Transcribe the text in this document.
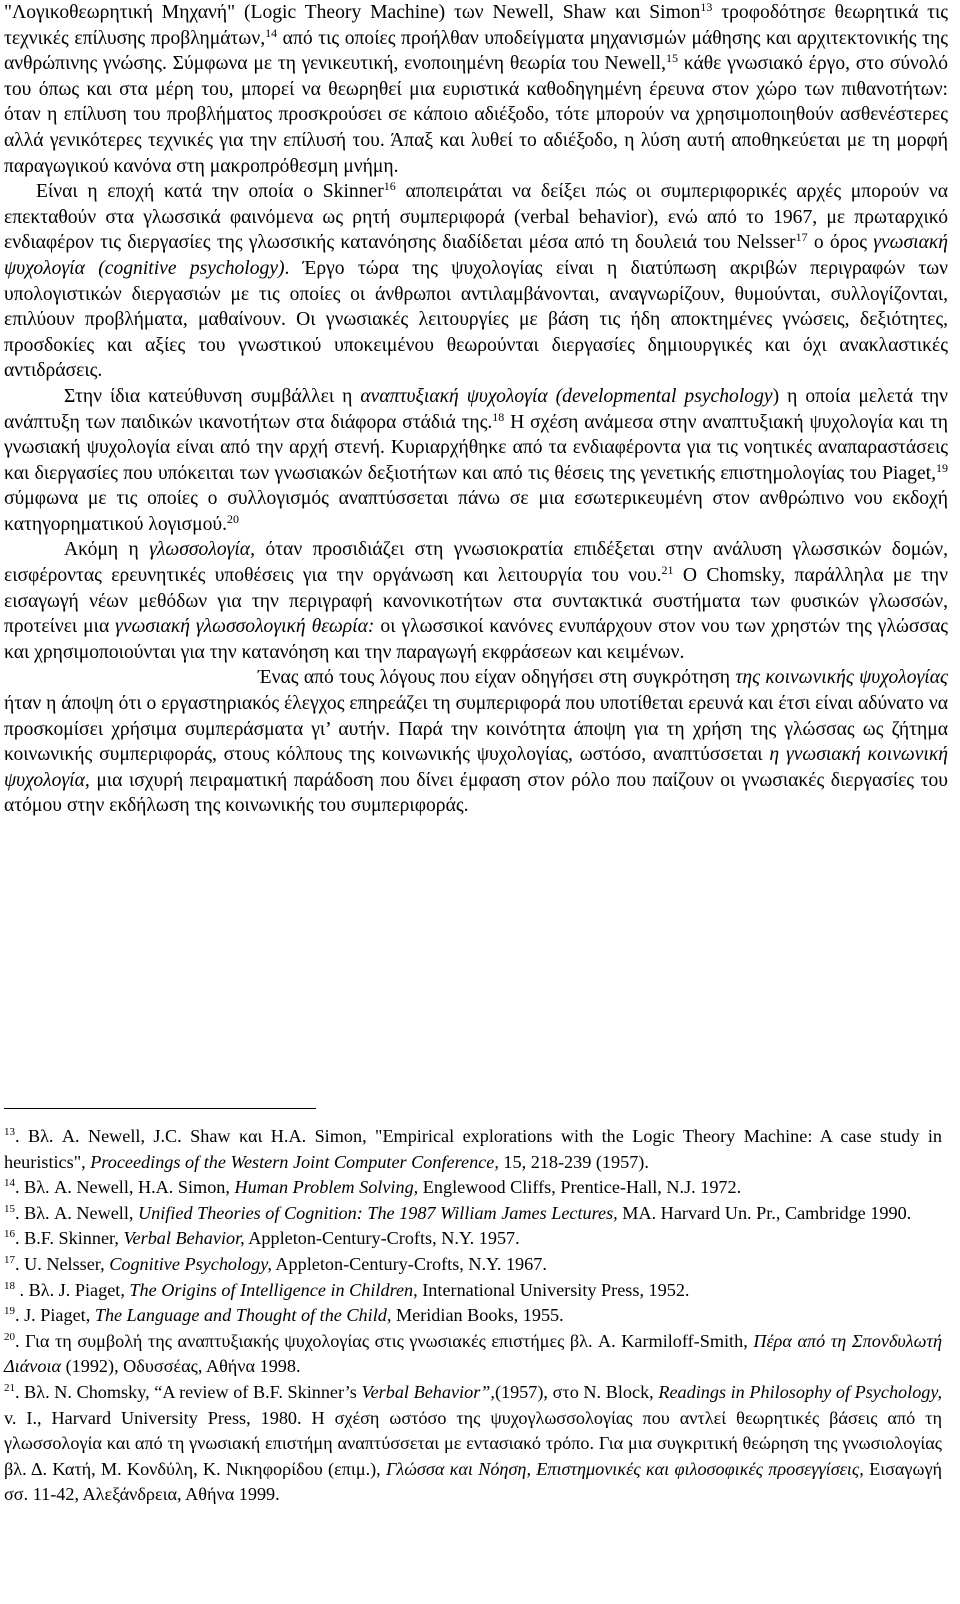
"Λογικοθεωρητική Μηχανή" (Logic Theory Machine) των Newell, Shaw και Simon$^{13}$ τροφοδότησε θεωρητικά τις τεχνικές επίλυσης προβλημάτων,$^{14}$ από τις οποίες προήλθαν υποδείγματα μηχανισμών μάθησης και αρχιτεκτονικής της ανθρώπινης γνώσης. Σύμφωνα με τη γενικευτική, ενοποιημένη θεωρία του Newell,$^{15}$ κάθε γνωσιακό έργο, στο σύνολό του όπως και στα μέρη του, μπορεί να θεωρηθεί μια ευριστικά καθοδηγημένη έρευνα στον χώρο των πιθανοτήτων: όταν η επίλυση του προβλήματος προσκρούσει σε κάποιο αδιέξοδο, τότε μπορούν να χρησιμοποιηθούν ασθενέστερες αλλά γενικότερες τεχνικές για την επίλυσή του. Άπαξ και λυθεί το αδιέξοδο, η λύση αυτή αποθηκεύεται με τη μορφή παραγωγικού κανόνα στη μακροπρόθεσμη μνήμη.

Είναι η εποχή κατά την οποία ο Skinner$^{16}$ αποπειράται να δείξει πώς οι συμπεριφορικές αρχές μπορούν να επεκταθούν στα γλωσσικά φαινόμενα ως ρητή συμπεριφορά (verbal behavior), ενώ από το 1967, με πρωταρχικό ενδιαφέρον τις διεργασίες της γλωσσικής κατανόησης διαδίδεται μέσα από τη δουλειά του Nelsser$^{17}$ ο όρος γνωσιακή ψυχολογία (cognitive psychology). Έργο τώρα της ψυχολογίας είναι η διατύπωση ακριβών περιγραφών των υπολογιστικών διεργασιών με τις οποίες οι άνθρωποι αντιλαμβάνονται, αναγνωρίζουν, θυμούνται, συλλογίζονται, επιλύουν προβλήματα, μαθαίνουν. Οι γνωσιακές λειτουργίες με βάση τις ήδη αποκτημένες γνώσεις, δεξιότητες, προσδοκίες και αξίες του γνωστικού υποκειμένου θεωρούνται διεργασίες δημιουργικές και όχι ανακλαστικές αντιδράσεις.

Στην ίδια κατεύθυνση συμβάλλει η αναπτυξιακή ψυχολογία (developmental psychology) η οποία μελετά την ανάπτυξη των παιδικών ικανοτήτων στα διάφορα στάδιά της.$^{18}$ Η σχέση ανάμεσα στην αναπτυξιακή ψυχολογία και τη γνωσιακή ψυχολογία είναι από την αρχή στενή. Κυριαρχήθηκε από τα ενδιαφέροντα για τις νοητικές αναπαραστάσεις και διεργασίες που υπόκειται των γνωσιακών δεξιοτήτων και από τις θέσεις της γενετικής επιστημολογίας του Piaget,$^{19}$ σύμφωνα με τις οποίες ο συλλογισμός αναπτύσσεται πάνω σε μια εσωτερικευμένη στον ανθρώπινο νου εκδοχή κατηγορηματικού λογισμού.$^{20}$

Ακόμη η γλωσσολογία, όταν προσιδιάζει στη γνωσιοκρατία επιδέξεται στην ανάλυση γλωσσικών δομών, εισφέροντας ερευνητικές υποθέσεις για την οργάνωση και λειτουργία του νου.$^{21}$ Ο Chomsky, παράλληλα με την εισαγωγή νέων μεθόδων για την περιγραφή κανονικοτήτων στα συντακτικά συστήματα των φυσικών γλωσσών, προτείνει μια γνωσιακή γλωσσολογική θεωρία: οι γλωσσικοί κανόνες ενυπάρχουν στον νου των χρηστών της γλώσσας και χρησιμοποιούνται για την κατανόηση και την παραγωγή εκφράσεων και κειμένων.

Ένας από τους λόγους που είχαν οδηγήσει στη συγκρότηση της κοινωνικής ψυχολογίας ήταν η άποψη ότι ο εργαστηριακός έλεγχος επηρεάζει τη συμπεριφορά που υποτίθεται ερευνά και έτσι είναι αδύνατο να προσκομίσει χρήσιμα συμπεράσματα γι’ αυτήν. Παρά την κοινότητα άποψη για τη χρήση της γλώσσας ως ζήτημα κοινωνικής συμπεριφοράς, στους κόλπους της κοινωνικής ψυχολογίας, ωστόσο, αναπτύσσεται η γνωσιακή κοινωνική ψυχολογία, μια ισχυρή πειραματική παράδοση που δίνει έμφαση στον ρόλο που παίζουν οι γνωσιακές διεργασίες του ατόμου στην εκδήλωση της κοινωνικής του συμπεριφοράς.

$^{13}$. Βλ. A. Newell, J.C. Shaw και H.A. Simon, "Empirical explorations with the Logic Theory Machine: A case study in heuristics", Proceedings of the Western Joint Computer Conference, 15, 218-239 (1957).

$^{14}$. Βλ. A. Newell, H.A. Simon, Human Problem Solving, Englewood Cliffs, Prentice-Hall, N.J. 1972.

$^{15}$. Βλ. A. Newell, Unified Theories of Cognition: The 1987 William James Lectures, MA. Harvard Un. Pr., Cambridge 1990.

$^{16}$. B.F. Skinner, Verbal Behavior, Appleton-Century-Crofts, N.Y. 1957.

$^{17}$. U. Nelsser, Cognitive Psychology, Appleton-Century-Crofts, N.Y. 1967.

$^{18}$ . Βλ. J. Piaget, The Origins of Intelligence in Children, International University Press, 1952.

$^{19}$. J. Piaget, The Language and Thought of the Child, Meridian Books, 1955.

$^{20}$. Για τη συμβολή της αναπτυξιακής ψυχολογίας στις γνωσιακές επιστήμες βλ. A. Karmiloff-Smith, Πέρα από τη Σπονδυλωτή Διάνοια (1992), Οδυσσέας, Αθήνα 1998.

$^{21}$. Βλ. N. Chomsky, “A review of B.F. Skinner’s Verbal Behavior”,(1957), στο N. Block, Readings in Philosophy of Psychology, v. I., Harvard University Press, 1980. Η σχέση ωστόσο της ψυχογλωσσολογίας που αντλεί θεωρητικές βάσεις από τη γλωσσολογία και από τη γνωσιακή επιστήμη αναπτύσσεται με εντασιακό τρόπο. Για μια συγκριτική θεώρηση της γνωσιολογίας βλ. Δ. Κατή, Μ. Κονδύλη, Κ. Νικηφορίδου (επιμ.), Γλώσσα και Νόηση, Επιστημονικές και φιλοσοφικές προσεγγίσεις, Εισαγωγή σσ. 11-42, Αλεξάνδρεια, Αθήνα 1999.
